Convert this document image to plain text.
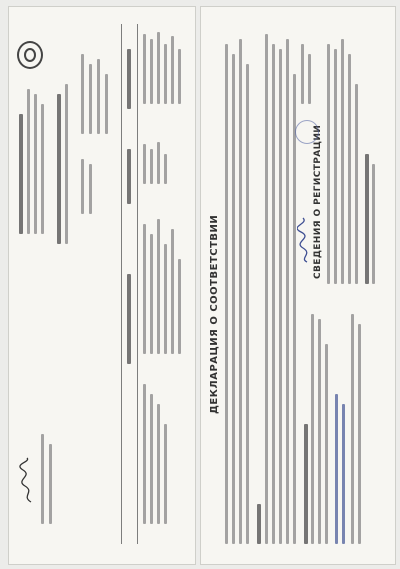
ДЕКЛАРАЦИЯ О СООТВЕТСТВИИ
СВЕДЕНИЯ О РЕГИСТРАЦИИ
